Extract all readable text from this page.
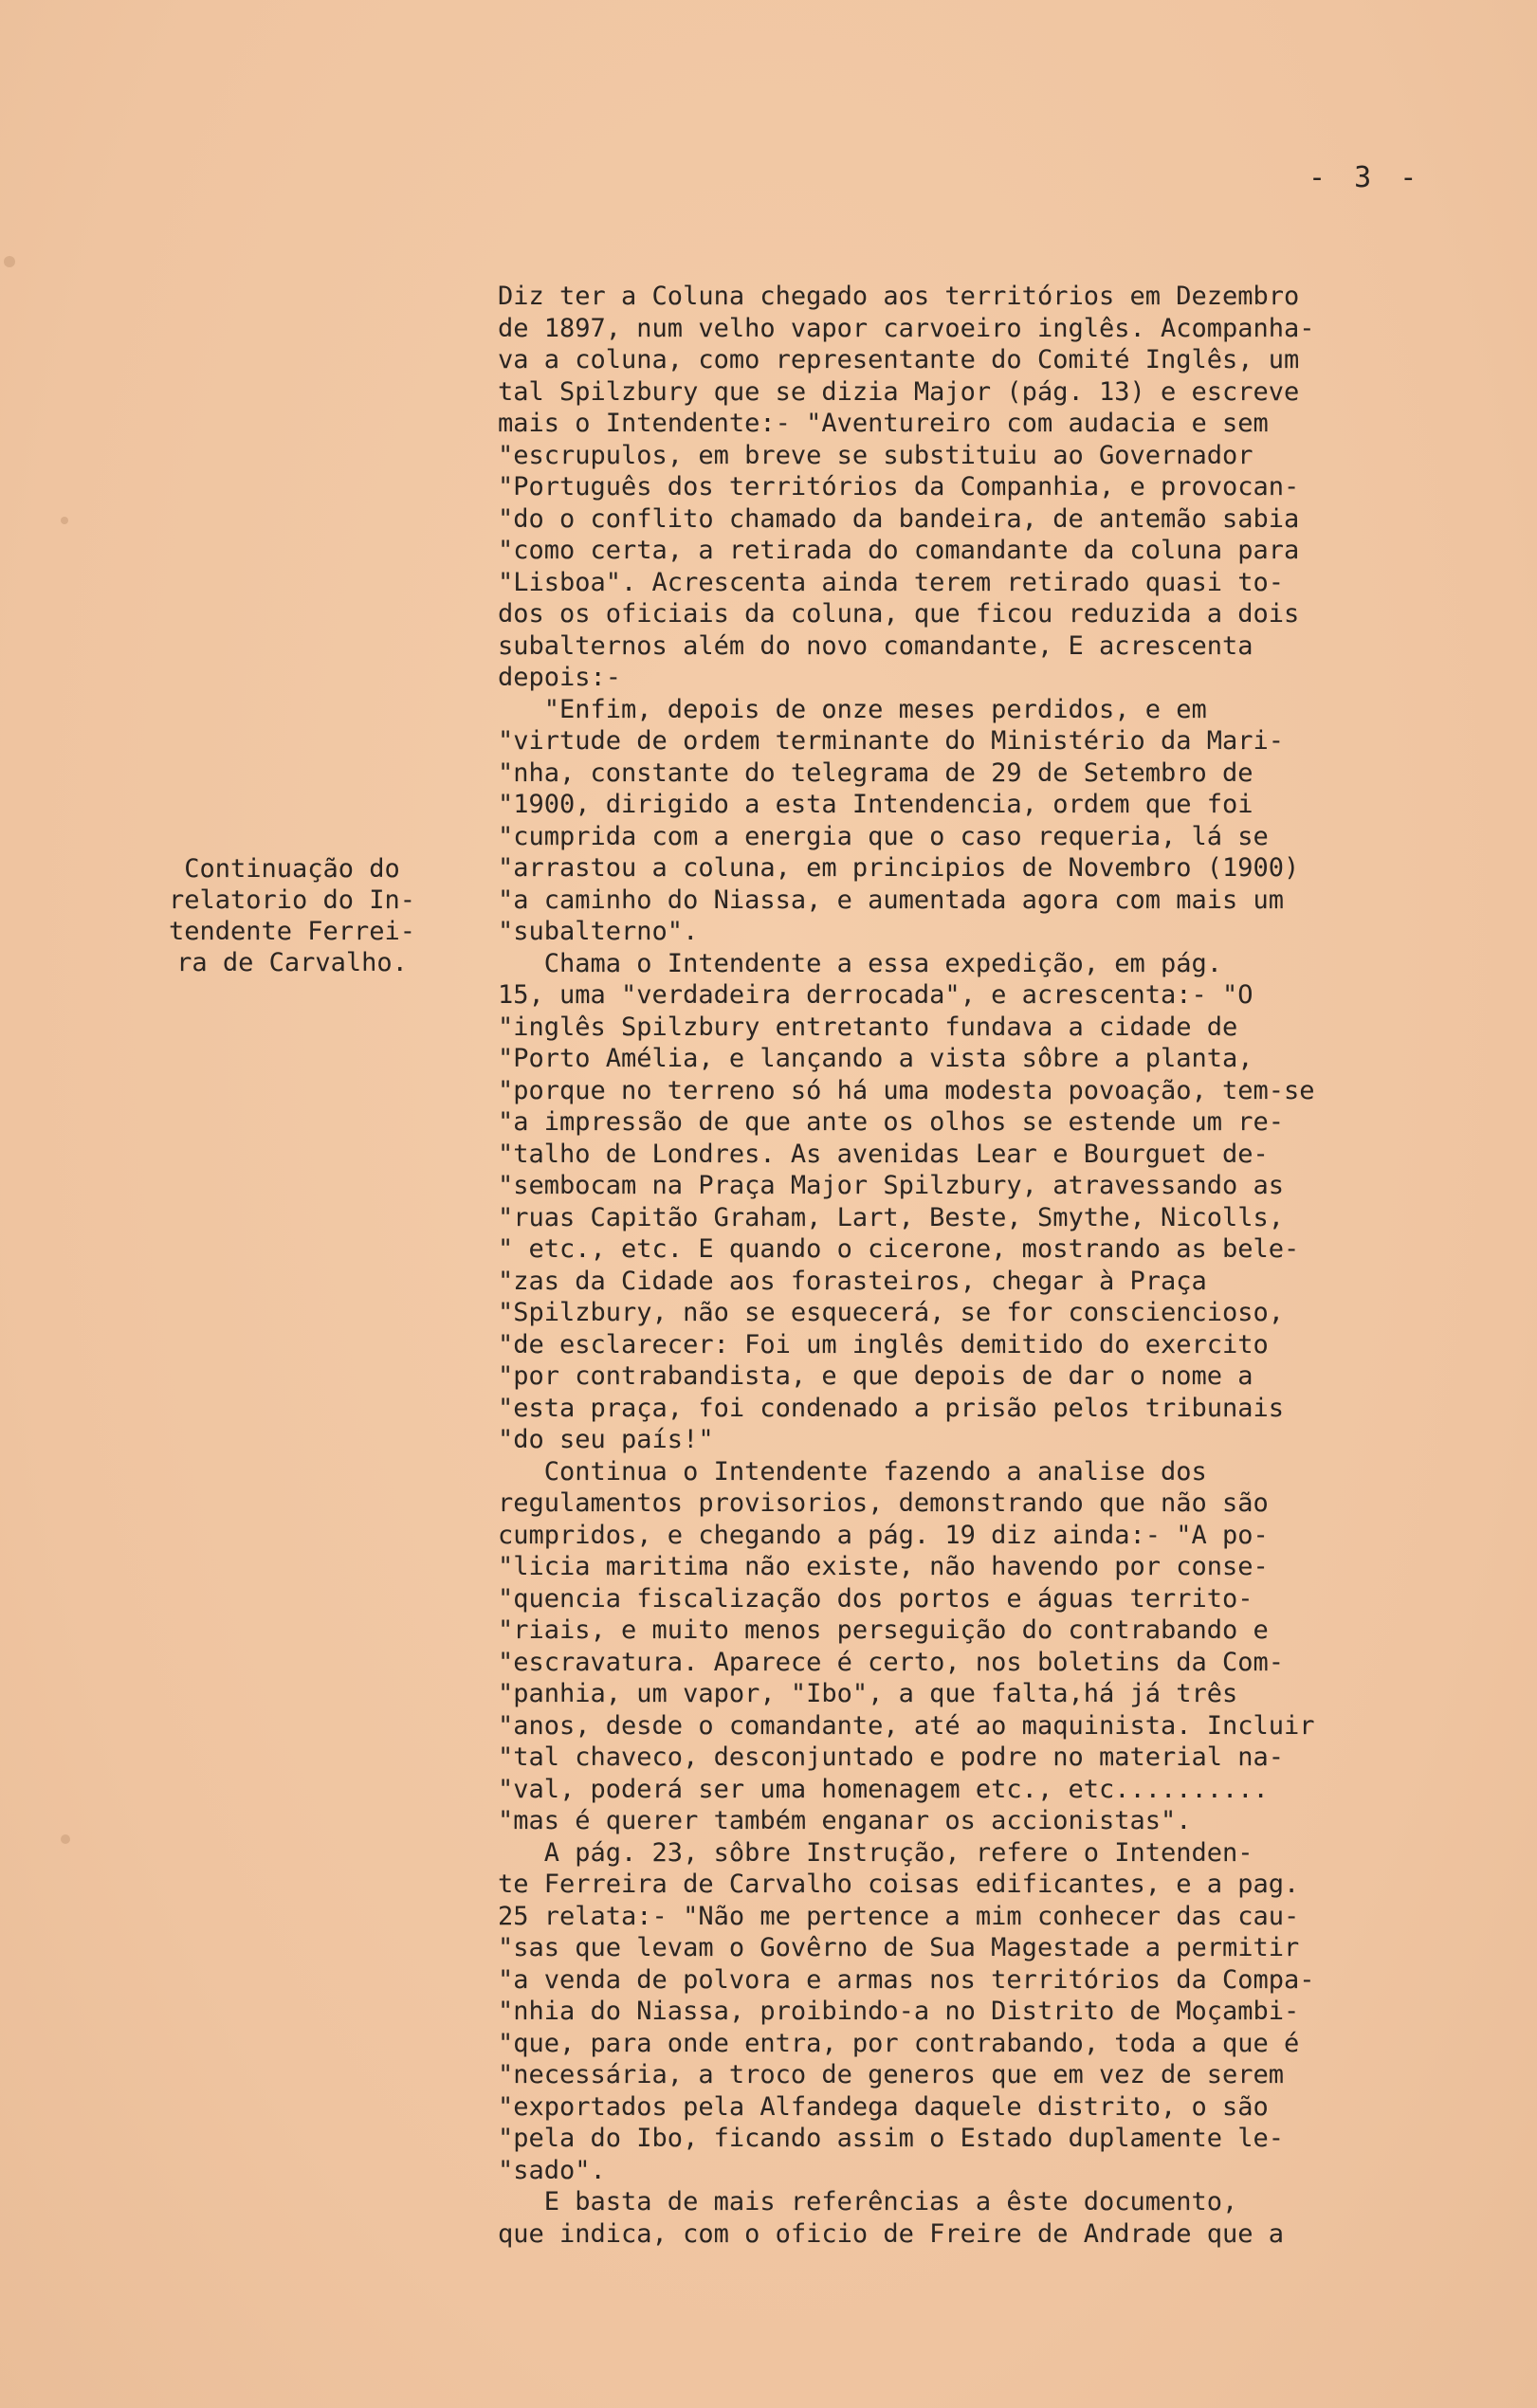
- 3 -
Continuação do
relatorio do In-
tendente Ferrei-
ra de Carvalho.
Diz ter a Coluna chegado aos territórios em Dezembro
de 1897, num velho vapor carvoeiro inglês. Acompanha-
va a coluna, como representante do Comité Inglês, um
tal Spilzbury que se dizia Major (pág. 13) e escreve
mais o Intendente:- "Aventureiro com audacia e sem
"escrupulos, em breve se substituiu ao Governador
"Português dos territórios da Companhia, e provocan-
"do o conflito chamado da bandeira, de antemão sabia
"como certa, a retirada do comandante da coluna para
"Lisboa". Acrescenta ainda terem retirado quasi to-
dos os oficiais da coluna, que ficou reduzida a dois
subalternos além do novo comandante, E acrescenta
depois:-
"Enfim, depois de onze meses perdidos, e em
"virtude de ordem terminante do Ministério da Mari-
"nha, constante do telegrama de 29 de Setembro de
"1900, dirigido a esta Intendencia, ordem que foi
"cumprida com a energia que o caso requeria, lá se
"arrastou a coluna, em principios de Novembro (1900)
"a caminho do Niassa, e aumentada agora com mais um
"subalterno".
Chama o Intendente a essa expedição, em pág.
15, uma "verdadeira derrocada", e acrescenta:- "O
"inglês Spilzbury entretanto fundava a cidade de
"Porto Amélia, e lançando a vista sôbre a planta,
"porque no terreno só há uma modesta povoação, tem-se
"a impressão de que ante os olhos se estende um re-
"talho de Londres. As avenidas Lear e Bourguet de-
"sembocam na Praça Major Spilzbury, atravessando as
"ruas Capitão Graham, Lart, Beste, Smythe, Nicolls,
" etc., etc. E quando o cicerone, mostrando as bele-
"zas da Cidade aos forasteiros, chegar à Praça
"Spilzbury, não se esquecerá, se for consciencioso,
"de esclarecer: Foi um inglês demitido do exercito
"por contrabandista, e que depois de dar o nome a
"esta praça, foi condenado a prisão pelos tribunais
"do seu país!"
Continua o Intendente fazendo a analise dos
regulamentos provisorios, demonstrando que não são
cumpridos, e chegando a pág. 19 diz ainda:- "A po-
"licia maritima não existe, não havendo por conse-
"quencia fiscalização dos portos e águas territo-
"riais, e muito menos perseguição do contrabando e
"escravatura. Aparece é certo, nos boletins da Com-
"panhia, um vapor, "Ibo", a que falta,há já três
"anos, desde o comandante, até ao maquinista. Incluir
"tal chaveco, desconjuntado e podre no material na-
"val, poderá ser uma homenagem etc., etc..........
"mas é querer também enganar os accionistas".
A pág. 23, sôbre Instrução, refere o Intenden-
te Ferreira de Carvalho coisas edificantes, e a pag.
25 relata:- "Não me pertence a mim conhecer das cau-
"sas que levam o Govêrno de Sua Magestade a permitir
"a venda de polvora e armas nos territórios da Compa-
"nhia do Niassa, proibindo-a no Distrito de Moçambi-
"que, para onde entra, por contrabando, toda a que é
"necessária, a troco de generos que em vez de serem
"exportados pela Alfandega daquele distrito, o são
"pela do Ibo, ficando assim o Estado duplamente le-
"sado".
E basta de mais referências a êste documento,
que indica, com o oficio de Freire de Andrade que a
